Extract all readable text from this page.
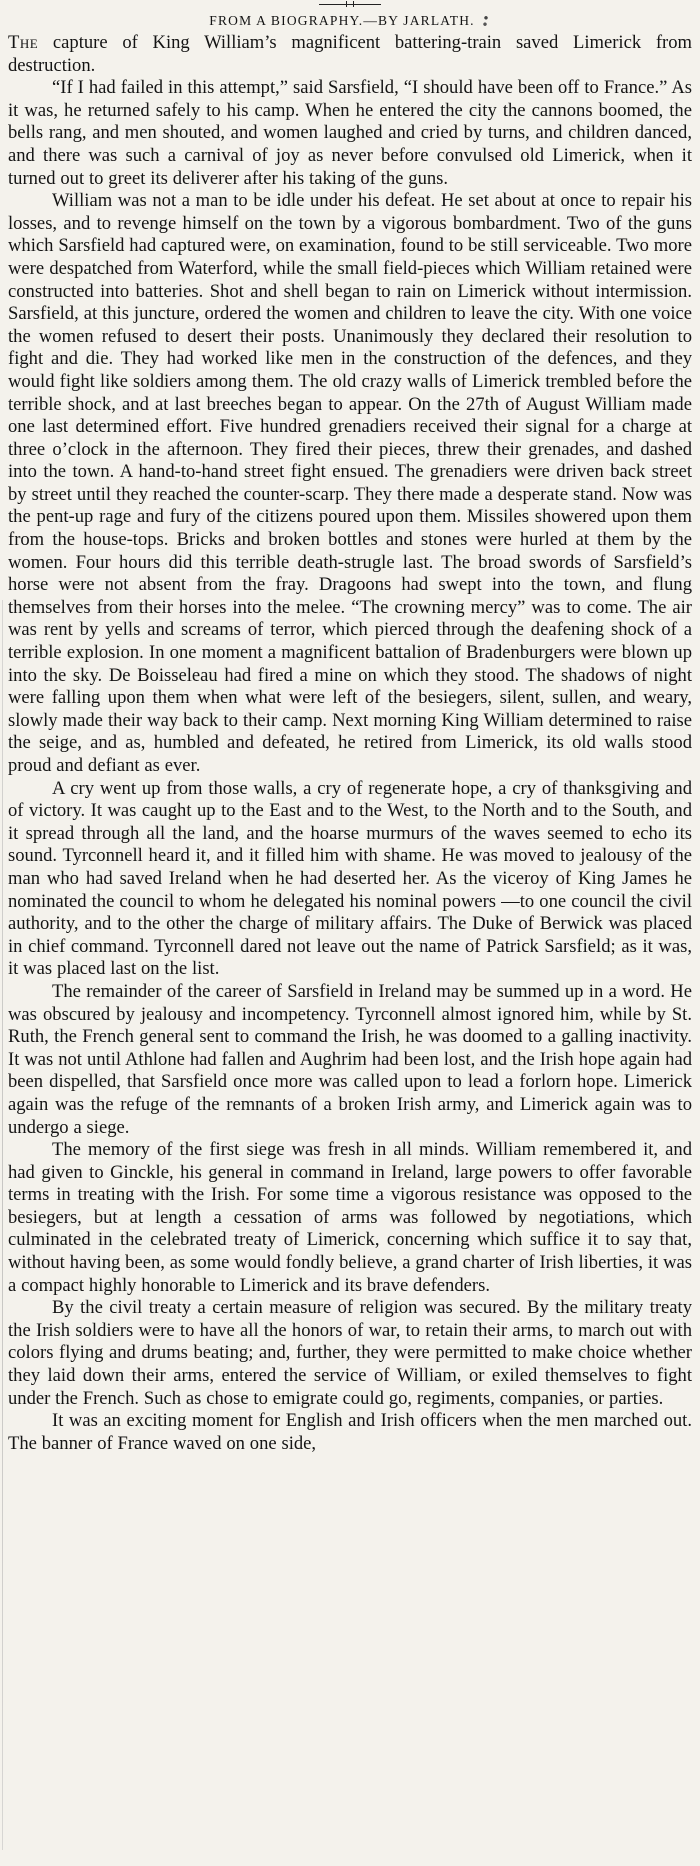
FROM A BIOGRAPHY.—BY JARLATH.

The capture of King William’s magnificent battering-train saved Limerick from destruction.

“If I had failed in this attempt,” said Sarsfield, “I should have been off to France.” As it was, he returned safely to his camp. When he entered the city the cannons boomed, the bells rang, and men shouted, and women laughed and cried by turns, and children danced, and there was such a carnival of joy as never before convulsed old Limerick, when it turned out to greet its deliverer after his taking of the guns.

William was not a man to be idle under his defeat. He set about at once to repair his losses, and to revenge himself on the town by a vigorous bombardment. Two of the guns which Sarsfield had captured were, on examination, found to be still serviceable. Two more were despatched from Waterford, while the small field-pieces which William retained were constructed into batteries. Shot and shell began to rain on Limerick without intermission. Sarsfield, at this juncture, ordered the women and children to leave the city. With one voice the women refused to desert their posts. Unanimously they declared their resolution to fight and die. They had worked like men in the construction of the defences, and they would fight like soldiers among them. The old crazy walls of Limerick trembled before the terrible shock, and at last breeches began to appear. On the 27th of August William made one last determined effort. Five hundred grenadiers received their signal for a charge at three o’clock in the afternoon. They fired their pieces, threw their grenades, and dashed into the town. A hand-to-hand street fight ensued. The grenadiers were driven back street by street until they reached the counter-scarp. They there made a desperate stand. Now was the pent-up rage and fury of the citizens poured upon them. Missiles showered upon them from the house-tops. Bricks and broken bottles and stones were hurled at them by the women. Four hours did this terrible death-strugle last. The broad swords of Sarsfield’s horse were not absent from the fray. Dragoons had swept into the town, and flung themselves from their horses into the melee. “The crowning mercy” was to come. The air was rent by yells and screams of terror, which pierced through the deafening shock of a terrible explosion. In one moment a magnificent battalion of Bradenburgers were blown up into the sky. De Boisseleau had fired a mine on which they stood. The shadows of night were falling upon them when what were left of the besiegers, silent, sullen, and weary, slowly made their way back to their camp. Next morning King William determined to raise the seige, and as, humbled and defeated, he retired from Limerick, its old walls stood proud and defiant as ever.

A cry went up from those walls, a cry of regenerate hope, a cry of thanksgiving and of victory. It was caught up to the East and to the West, to the North and to the South, and it spread through all the land, and the hoarse murmurs of the waves seemed to echo its sound. Tyrconnell heard it, and it filled him with shame. He was moved to jealousy of the man who had saved Ireland when he had deserted her. As the viceroy of King James he nominated the council to whom he delegated his nominal powers —to one council the civil authority, and to the other the charge of military affairs. The Duke of Berwick was placed in chief command. Tyrconnell dared not leave out the name of Patrick Sarsfield; as it was, it was placed last on the list.

The remainder of the career of Sarsfield in Ireland may be summed up in a word. He was obscured by jealousy and incompetency. Tyrconnell almost ignored him, while by St. Ruth, the French general sent to command the Irish, he was doomed to a galling inactivity. It was not until Athlone had fallen and Aughrim had been lost, and the Irish hope again had been dispelled, that Sarsfield once more was called upon to lead a forlorn hope. Limerick again was the refuge of the remnants of a broken Irish army, and Limerick again was to undergo a siege.

The memory of the first siege was fresh in all minds. William remembered it, and had given to Ginckle, his general in command in Ireland, large powers to offer favorable terms in treating with the Irish. For some time a vigorous resistance was opposed to the besiegers, but at length a cessation of arms was followed by negotiations, which culminated in the celebrated treaty of Limerick, concerning which suffice it to say that, without having been, as some would fondly believe, a grand charter of Irish liberties, it was a compact highly honorable to Limerick and its brave defenders.

By the civil treaty a certain measure of religion was secured. By the military treaty the Irish soldiers were to have all the honors of war, to retain their arms, to march out with colors flying and drums beating; and, further, they were permitted to make choice whether they laid down their arms, entered the service of William, or exiled themselves to fight under the French. Such as chose to emigrate could go, regiments, companies, or parties.

It was an exciting moment for English and Irish officers when the men marched out. The banner of France waved on one side,
